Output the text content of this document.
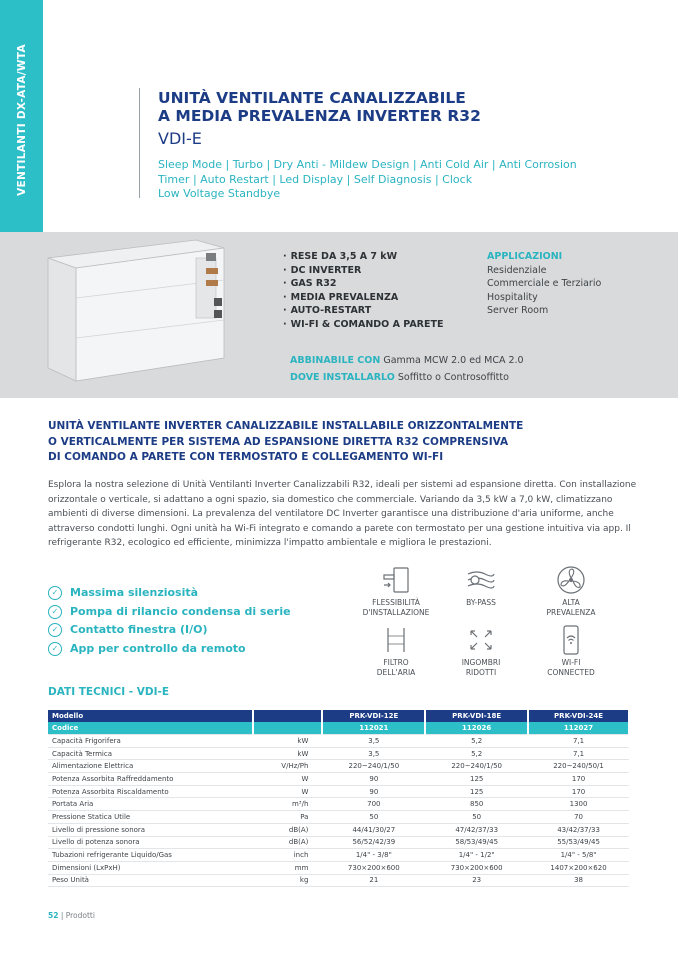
VENTILANTI DX-ATA/WTA	UNITÀ VENTILANTE CANALIZZABILE
A MEDIA PREVALENZA INVERTER R32
VDI-E
Sleep Mode | Turbo | Dry Anti - Mildew Design | Anti Cold Air | Anti Corrosion
Timer | Auto Restart | Led Display | Self Diagnosis | Clock
Low Voltage Standbye
· RESE DA 3,5 A 7 kW
· DC INVERTER
· GAS R32
· MEDIA PREVALENZA
· AUTO-RESTART
· WI-FI & COMANDO A PARETE
APPLICAZIONI
Residenziale
Commerciale e Terziario
Hospitality
Server Room
ABBINABILE CON Gamma MCW 2.0 ed MCA 2.0
DOVE INSTALLARLO Soffitto o Controsoffitto
UNITÀ VENTILANTE INVERTER CANALIZZABILE INSTALLABILE ORIZZONTALMENTE
O VERTICALMENTE PER SISTEMA AD ESPANSIONE DIRETTA R32 COMPRENSIVA
DI COMANDO A PARETE CON TERMOSTATO E COLLEGAMENTO WI-FI
Esplora la nostra selezione di Unità Ventilanti Inverter Canalizzabili R32, ideali per sistemi ad espansione diretta. Con installazione orizzontale o verticale, si adattano a ogni spazio, sia domestico che commerciale. Variando da 3,5 kW a 7,0 kW, climatizzano ambienti di diverse dimensioni. La prevalenza del ventilatore DC Inverter garantisce una distribuzione d'aria uniforme, anche attraverso condotti lunghi. Ogni unità ha Wi-Fi integrato e comando a parete con termostato per una gestione intuitiva via app. Il refrigerante R32, ecologico ed efficiente, minimizza l'impatto ambientale e migliora le prestazioni.
✓	Massima silenziosità
✓	Pompa di rilancio condensa di serie
✓	Contatto finestra (I/O)
✓	App per controllo da remoto
FLESSIBILITÀ
D'INSTALLAZIONE
BY-PASS	ALTA
PREVALENZA
FILTRO
DELL'ARIA
INGOMBRI
RIDOTTI
WI-FI
CONNECTED
DATI TECNICI - VDI-E
Modello		PRK-VDI-12E	PRK-VDI-18E	PRK-VDI-24E
Codice		112021	112026	112027
Capacità Frigorifera	kW	3,5	5,2	7,1
Capacità Termica	kW	3,5	5,2	7,1
Alimentazione Elettrica	V/Hz/Ph	220~240/1/50	220~240/1/50	220~240/50/1
Potenza Assorbita Raffreddamento	W	90	125	170
Potenza Assorbita Riscaldamento	W	90	125	170
Portata Aria	m³/h	700	850	1300
Pressione Statica Utile	Pa	50	50	70
Livello di pressione sonora	dB(A)	44/41/30/27	47/42/37/33	43/42/37/33
Livello di potenza sonora	dB(A)	56/52/42/39	58/53/49/45	55/53/49/45
Tubazioni refrigerante Liquido/Gas	inch	1/4" - 3/8"	1/4" - 1/2"	1/4" - 5/8"
Dimensioni (LxPxH)	mm	730×200×600	730×200×600	1407×200×620
Peso Unità	kg	21	23	38
52 | Prodotti
